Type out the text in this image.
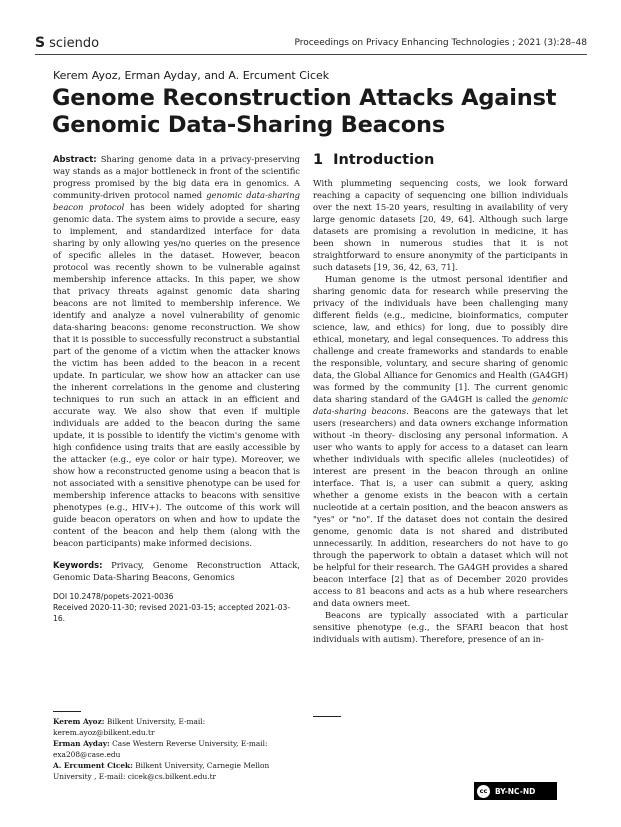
S sciendo	Proceedings on Privacy Enhancing Technologies ; 2021 (3):28–48
Kerem Ayoz, Erman Ayday, and A. Ercument Cicek
Genome Reconstruction Attacks Against Genomic Data-Sharing Beacons

Abstract: Sharing genome data in a privacy-preserving way stands as a major bottleneck in front of the scientific progress promised by the big data era in genomics. A community-driven protocol named genomic data-sharing beacon protocol has been widely adopted for sharing genomic data. The system aims to provide a secure, easy to implement, and standardized interface for data sharing by only allowing yes/no queries on the presence of specific alleles in the dataset. However, beacon protocol was recently shown to be vulnerable against membership inference attacks. In this paper, we show that privacy threats against genomic data sharing beacons are not limited to membership inference. We identify and analyze a novel vulnerability of genomic data-sharing beacons: genome reconstruction. We show that it is possible to successfully reconstruct a substantial part of the genome of a victim when the attacker knows the victim has been added to the beacon in a recent update. In particular, we show how an attacker can use the inherent correlations in the genome and clustering techniques to run such an attack in an efficient and accurate way. We also show that even if multiple individuals are added to the beacon during the same update, it is possible to identify the victim's genome with high confidence using traits that are easily accessible by the attacker (e.g., eye color or hair type). Moreover, we show how a reconstructed genome using a beacon that is not associated with a sensitive phenotype can be used for membership inference attacks to beacons with sensitive phenotypes (e.g., HIV+). The outcome of this work will guide beacon operators on when and how to update the content of the beacon and help them (along with the beacon participants) make informed decisions.

Keywords: Privacy, Genome Reconstruction Attack, Genomic Data-Sharing Beacons, Genomics

DOI 10.2478/popets-2021-0036
Received 2020-11-30; revised 2021-03-15; accepted 2021-03-16.
Kerem Ayoz: Bilkent University, E-mail: kerem.ayoz@bilkent.edu.tr
Erman Ayday: Case Western Reverse University, E-mail: exa208@case.edu
A. Ercument Cicek: Bilkent University, Carnegie Mellon University , E-mail: cicek@cs.bilkent.edu.tr
1 Introduction

With plummeting sequencing costs, we look forward reaching a capacity of sequencing one billion individuals over the next 15-20 years, resulting in availability of very large genomic datasets [20, 49, 64]. Although such large datasets are promising a revolution in medicine, it has been shown in numerous studies that it is not straightforward to ensure anonymity of the participants in such datasets [19, 36, 42, 63, 71].

Human genome is the utmost personal identifier and sharing genomic data for research while preserving the privacy of the individuals have been challenging many different fields (e.g., medicine, bioinformatics, computer science, law, and ethics) for long, due to possibly dire ethical, monetary, and legal consequences. To address this challenge and create frameworks and standards to enable the responsible, voluntary, and secure sharing of genomic data, the Global Alliance for Genomics and Health (GA4GH) was formed by the community [1]. The current genomic data sharing standard of the GA4GH is called the genomic data-sharing beacons. Beacons are the gateways that let users (researchers) and data owners exchange information without -in theory- disclosing any personal information. A user who wants to apply for access to a dataset can learn whether individuals with specific alleles (nucleotides) of interest are present in the beacon through an online interface. That is, a user can submit a query, asking whether a genome exists in the beacon with a certain nucleotide at a certain position, and the beacon answers as "yes" or "no". If the dataset does not contain the desired genome, genomic data is not shared and distributed unnecessarily. In addition, researchers do not have to go through the paperwork to obtain a dataset which will not be helpful for their research. The GA4GH provides a shared beacon interface [2] that as of December 2020 provides access to 81 beacons and acts as a hub where researchers and data owners meet.

Beacons are typically associated with a particular sensitive phenotype (e.g., the SFARI beacon that host individuals with autism). Therefore, presence of an in-

cc	BY-NC-ND
